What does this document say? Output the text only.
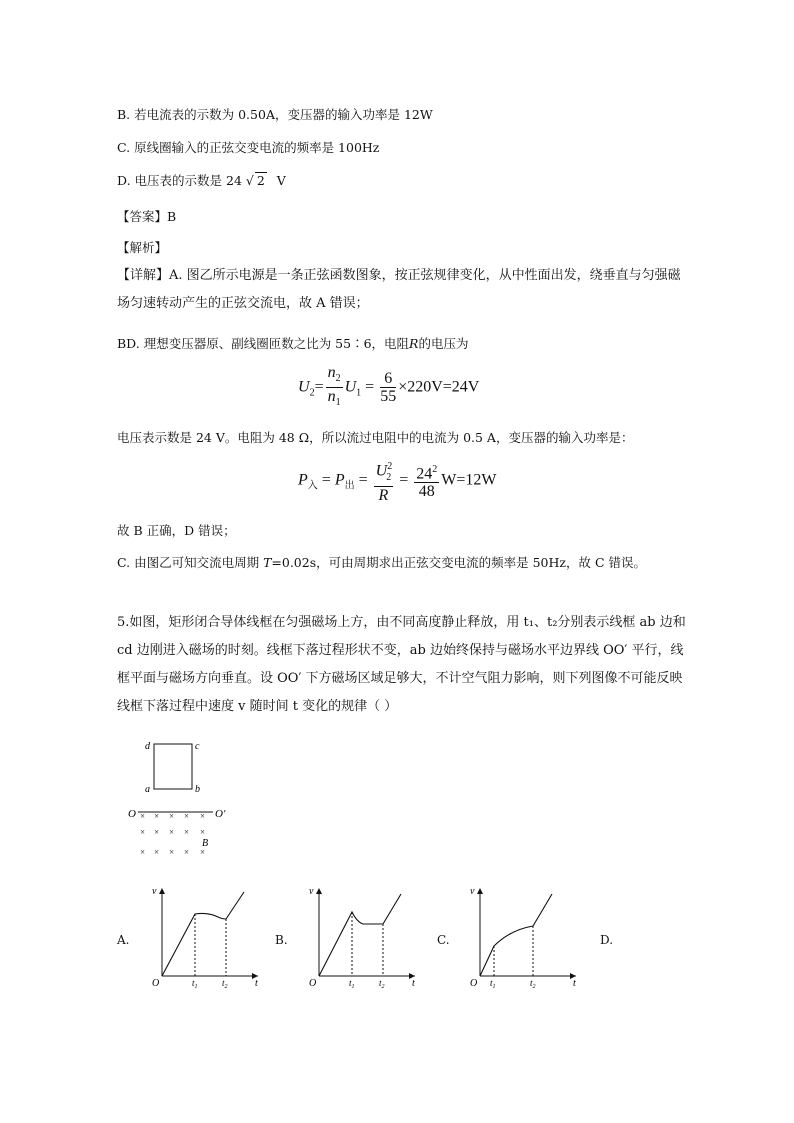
B. 若电流表的示数为 0.50A，变压器的输入功率是 12W
C. 原线圈输入的正弦交变电流的频率是 100Hz
D. 电压表的示数是 24 √ 2 V
【答案】B
【解析】
【详解】A. 图乙所示电源是一条正弦函数图象，按正弦规律变化，从中性面出发，绕垂直与匀强磁场匀速转动产生的正弦交流电，故 A 错误；
BD. 理想变压器原、副线圈匝数之比为 55∶6，电阻R的电压为
$U_2= \frac{n_2}{n_1} U_1 = \frac{6}{55} \times 220V=24V$
电压表示数是 24 V。电阻为 48 Ω，所以流过电阻中的电流为 0.5 A，变压器的输入功率是：
$P_入 = P_出 = \frac{U^2_2}{R} = \frac{24^2}{48} W=12W$
故 B 正确，D 错误；
C. 由图乙可知交流电周期 T=0.02s，可由周期求出正弦交变电流的频率是 50Hz，故 C 错误。
5.如图，矩形闭合导体线框在匀强磁场上方，由不同高度静止释放，用 t₁、t₂分别表示线框 ab 边和 cd 边刚进入磁场的时刻。线框下落过程形状不变，ab 边始终保持与磁场水平边界线 OO′ 平行，线框平面与磁场方向垂直。设 OO′ 下方磁场区域足够大，不计空气阻力影响，则下列图像不可能反映线框下落过程中速度 v 随时间 t 变化的规律（ ）
d	c
a	b
O	O′
× × × × ×
× × × × ×
× × × × ×
B
A.	B.	C.	D.
v
O	t
$t_1$	$t_2$
v
O	t
$t_1$	$t_2$
v
O	t
$t_1$	$t_2$
